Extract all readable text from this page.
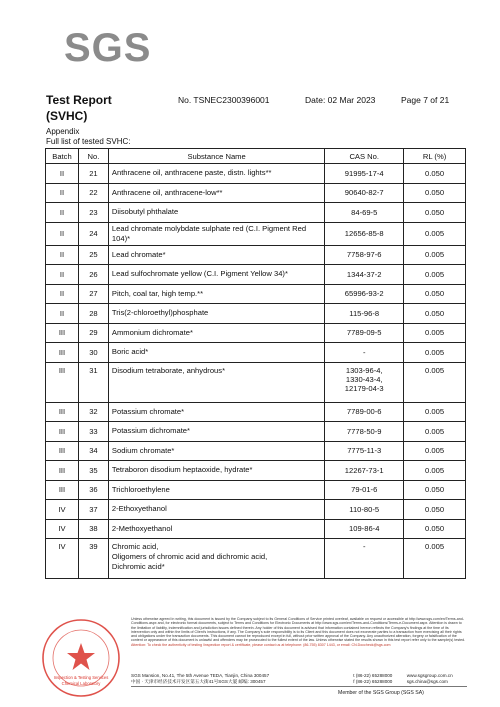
SGS
Test Report
(SVHC)
No. TSNEC2300396001	Date: 02 Mar 2023	Page 7 of 21
Appendix
Full list of tested SVHC:
Batch	No.	Substance Name	CAS No.	RL (%)
II	21	Anthracene oil, anthracene paste, distn. lights**	91995-17-4	0.050
II	22	Anthracene oil, anthracene-low**	90640-82-7	0.050
II	23	Diisobutyl phthalate	84-69-5	0.050
II	24	Lead chromate molybdate sulphate red (C.I. Pigment Red 104)*	12656-85-8	0.005
II	25	Lead chromate*	7758-97-6	0.005
II	26	Lead sulfochromate yellow (C.I. Pigment Yellow 34)*	1344-37-2	0.005
II	27	Pitch, coal tar, high temp.**	65996-93-2	0.050
II	28	Tris(2-chloroethyl)phosphate	115-96-8	0.050
III	29	Ammonium dichromate*	7789-09-5	0.005
III	30	Boric acid*	-	0.005
III	31	Disodium tetraborate, anhydrous*	1303-96-4,
1330-43-4,
12179-04-3	0.005
III	32	Potassium chromate*	7789-00-6	0.005
III	33	Potassium dichromate*	7778-50-9	0.005
III	34	Sodium chromate*	7775-11-3	0.005
III	35	Tetraboron disodium heptaoxide, hydrate*	12267-73-1	0.005
III	36	Trichloroethylene	79-01-6	0.050
IV	37	2-Ethoxyethanol	110-80-5	0.050
IV	38	2-Methoxyethanol	109-86-4	0.050
IV	39	Chromic acid,
Oligomers of chromic acid and dichromic acid,
Dichromic acid*	-	0.005
Inspection & Testing Services
Chemical Laboratory
Unless otherwise agreed in writing, this document is issued by the Company subject to its General Conditions of Service printed overleaf, available on request or accessible at http://www.sgs.com/en/Terms-and-Conditions.aspx and, for electronic format documents, subject to Terms and Conditions for Electronic Documents at http://www.sgs.com/en/Terms-and-Conditions/Terms-e-Document.aspx. Attention is drawn to the limitation of liability, indemnification and jurisdiction issues defined therein. Any holder of this document is advised that information contained hereon reflects the Company's findings at the time of its intervention only and within the limits of Client's instructions, if any. The Company's sole responsibility is to its Client and this document does not exonerate parties to a transaction from exercising all their rights and obligations under the transaction documents. This document cannot be reproduced except in full, without prior written approval of the Company. Any unauthorized alteration, forgery or falsification of the content or appearance of this document is unlawful and offenders may be prosecuted to the fullest extent of the law. Unless otherwise stated the results shown in this test report refer only to the sample(s) tested. Attention: To check the authenticity of testing /inspection report & certificate, please contact us at telephone: (86-755) 8307 1443, or email: CN.Doccheck@sgs.com
SGS Mansion, No.41, The 5th Avenue TEDA, Tianjin, China 300457	t (86-22) 65288000	www.sgsgroup.com.cn
中国 · 天津市经济技术开发区第五大街41号SGS大厦 邮编: 300457	f (86-22) 65288000	sgs.china@sgs.com
Member of the SGS Group (SGS SA)
